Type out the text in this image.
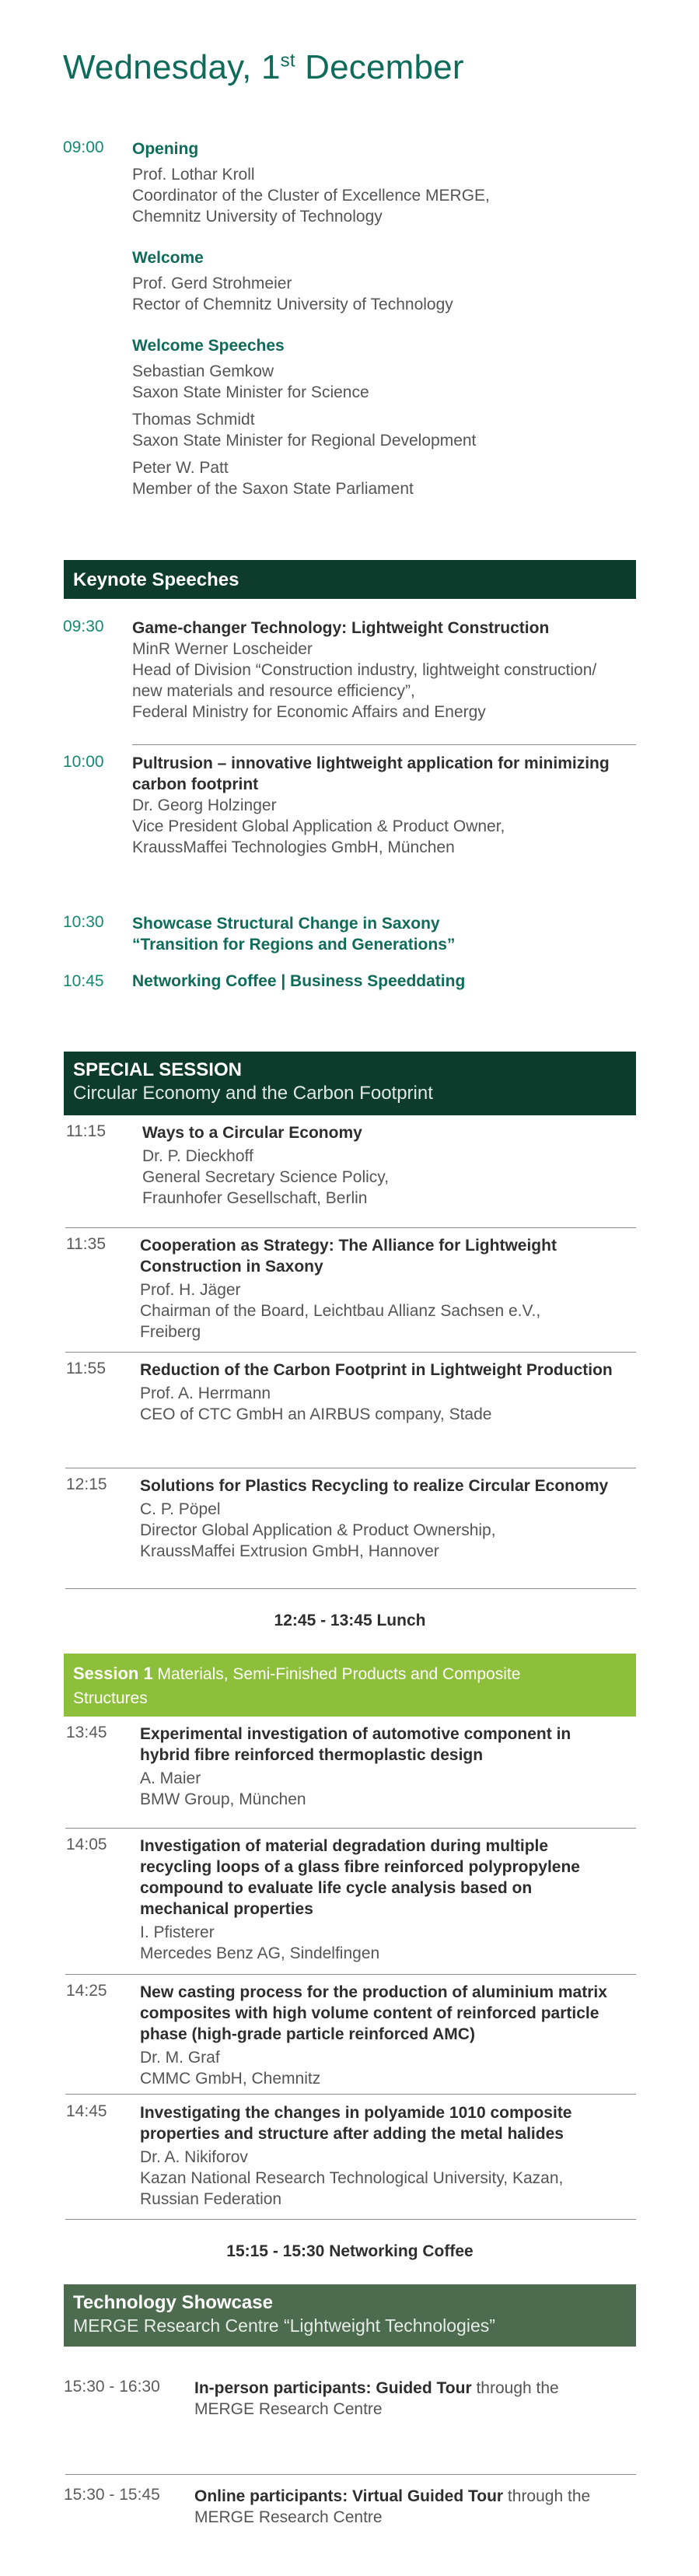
Wednesday, 1st December
09:00 Opening
Prof. Lothar Kroll
Coordinator of the Cluster of Excellence MERGE,
Chemnitz University of Technology
Welcome
Prof. Gerd Strohmeier
Rector of Chemnitz University of Technology
Welcome Speeches
Sebastian Gemkow
Saxon State Minister for Science
Thomas Schmidt
Saxon State Minister for Regional Development
Peter W. Patt
Member of the Saxon State Parliament
Keynote Speeches
09:30 Game-changer Technology: Lightweight Construction
MinR Werner Loscheider
Head of Division “Construction industry, lightweight construction/
new materials and resource efficiency”,
Federal Ministry for Economic Affairs and Energy
10:00 Pultrusion – innovative lightweight application for minimizing
carbon footprint
Dr. Georg Holzinger
Vice President Global Application & Product Owner,
KraussMaffei Technologies GmbH, München
10:30 Showcase Structural Change in Saxony
“Transition for Regions and Generations”
10:45 Networking Coffee | Business Speeddating
SPECIAL SESSION
Circular Economy and the Carbon Footprint
11:15 Ways to a Circular Economy
Dr. P. Dieckhoff
General Secretary Science Policy,
Fraunhofer Gesellschaft, Berlin
11:35 Cooperation as Strategy: The Alliance for Lightweight
Construction in Saxony
Prof. H. Jäger
Chairman of the Board, Leichtbau Allianz Sachsen e.V.,
Freiberg
11:55 Reduction of the Carbon Footprint in Lightweight Production
Prof. A. Herrmann
CEO of CTC GmbH an AIRBUS company, Stade
12:15 Solutions for Plastics Recycling to realize Circular Economy
C. P. Pöpel
Director Global Application & Product Ownership,
KraussMaffei Extrusion GmbH, Hannover
12:45 - 13:45 Lunch
Session 1 Materials, Semi-Finished Products and Composite
Structures
13:45 Experimental investigation of automotive component in
hybrid fibre reinforced thermoplastic design
A. Maier
BMW Group, München
14:05 Investigation of material degradation during multiple
recycling loops of a glass fibre reinforced polypropylene
compound to evaluate life cycle analysis based on
mechanical properties
I. Pfisterer
Mercedes Benz AG, Sindelfingen
14:25 New casting process for the production of aluminium matrix
composites with high volume content of reinforced particle
phase (high-grade particle reinforced AMC)
Dr. M. Graf
CMMC GmbH, Chemnitz
14:45 Investigating the changes in polyamide 1010 composite
properties and structure after adding the metal halides
Dr. A. Nikiforov
Kazan National Research Technological University, Kazan,
Russian Federation
15:15 - 15:30 Networking Coffee
Technology Showcase
MERGE Research Centre “Lightweight Technologies”
15:30 - 16:30 In-person participants: Guided Tour through the
MERGE Research Centre
15:30 - 15:45 Online participants: Virtual Guided Tour through the
MERGE Research Centre
